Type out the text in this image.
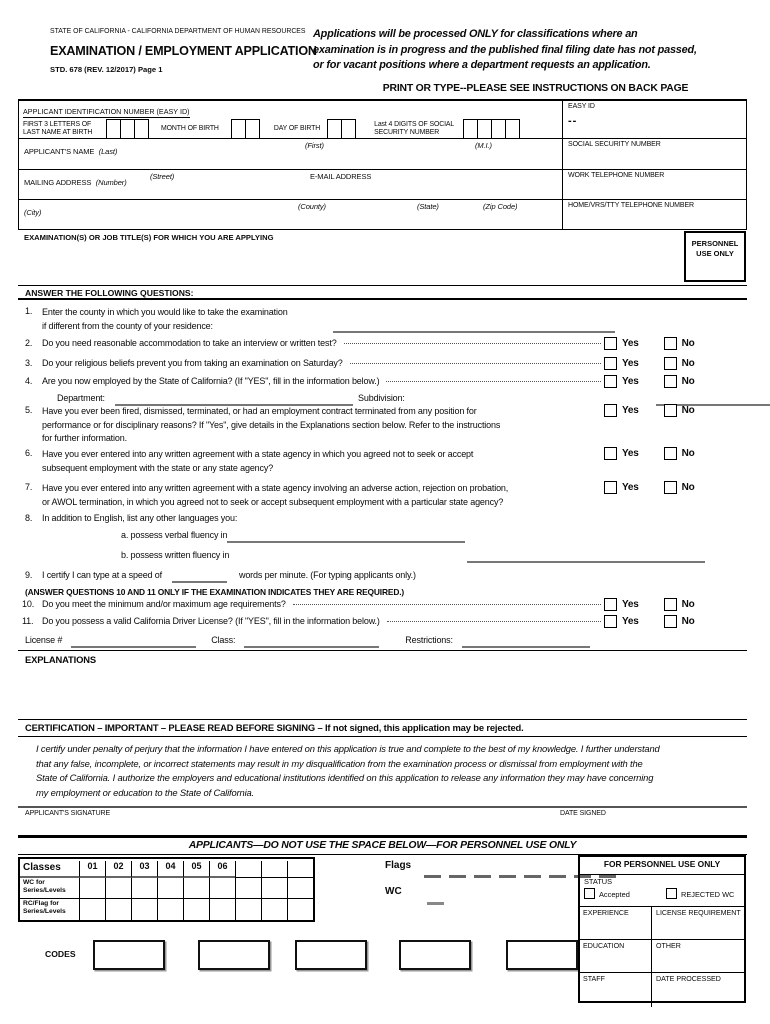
STATE OF CALIFORNIA - CALIFORNIA DEPARTMENT OF HUMAN RESOURCES
EXAMINATION / EMPLOYMENT APPLICATION
STD. 678 (REV. 12/2017) Page 1
Applications will be processed ONLY for classifications where an
examination is in progress and the published final filing date has not passed,
or for vacant positions where a department requests an application.
PRINT OR TYPE--PLEASE SEE INSTRUCTIONS ON BACK PAGE
APPLICANT IDENTIFICATION NUMBER (EASY ID)
FIRST 3 LETTERS OF
LAST NAME AT BIRTH
MONTH OF BIRTH	DAY OF BIRTH
Last 4 DIGITS OF SOCIAL
SECURITY NUMBER
EASY ID
--
APPLICANT'S NAME (Last)
(First)	(M.I.)	SOCIAL SECURITY NUMBER
MAILING ADDRESS (Number)
(Street)	E-MAIL ADDRESS	WORK TELEPHONE NUMBER
(City)
(County)	(State)	(Zip Code)	HOME/VRS/TTY TELEPHONE NUMBER
EXAMINATION(S) OR JOB TITLE(S) FOR WHICH YOU ARE APPLYING
PERSONNEL
USE ONLY
ANSWER THE FOLLOWING QUESTIONS:
1. Enter the county in which you would like to take the examination
if different from the county of your residence:
2. Do you need reasonable accommodation to take an interview or written test?	Yes	No
3. Do your religious beliefs prevent you from taking an examination on Saturday?	Yes	No
4. Are you now employed by the State of California? (If "YES", fill in the information below.)	Yes	No
Department:
	Subdivision:
5. Have you ever been fired, dismissed, terminated, or had an employment contract terminated from any position for
performance or for disciplinary reasons? If "Yes", give details in the Explanations section below. Refer to the instructions
for further information.
Yes	No
6. Have you ever entered into any written agreement with a state agency in which you agreed not to seek or accept
subsequent employment with the state or any state agency?
Yes	No
7. Have you ever entered into any written agreement with a state agency involving an adverse action, rejection on probation,
or AWOL termination, in which you agreed not to seek or accept subsequent employment with a particular state agency?
Yes	No
8. In addition to English, list any other languages you:
a. possess verbal fluency in

b. possess written fluency in
9. I certify I can type at a speed of	words per minute. (For typing applicants only.)
(ANSWER QUESTIONS 10 AND 11 ONLY IF THE EXAMINATION INDICATES THEY ARE REQUIRED.)
10. Do you meet the minimum and/or maximum age requirements?	Yes	No
11. Do you possess a valid California Driver License? (If "YES", fill in the information below.)	Yes	No
License #	Class:	Restrictions:
EXPLANATIONS
CERTIFICATION – IMPORTANT – PLEASE READ BEFORE SIGNING – If not signed, this application may be rejected.
I certify under penalty of perjury that the information I have entered on this application is true and complete to the best of my knowledge. I further understand
that any false, incomplete, or incorrect statements may result in my disqualification from the examination process or dismissal from employment with the
State of California. I authorize the employers and educational institutions identified on this application to release any information they may have concerning
my employment or education to the State of California.
APPLICANT'S SIGNATURE	DATE SIGNED
APPLICANTS—DO NOT USE THE SPACE BELOW—FOR PERSONNEL USE ONLY
Classes	01	02	03	04	05	06
WC for
Series/Levels
RC/Flag for
Series/Levels
CODES
Flags
WC
FOR PERSONNEL USE ONLY
STATUS
Accepted	REJECTED WC
EXPERIENCE	LICENSE REQUIREMENT
EDUCATION	OTHER
STAFF	DATE PROCESSED
